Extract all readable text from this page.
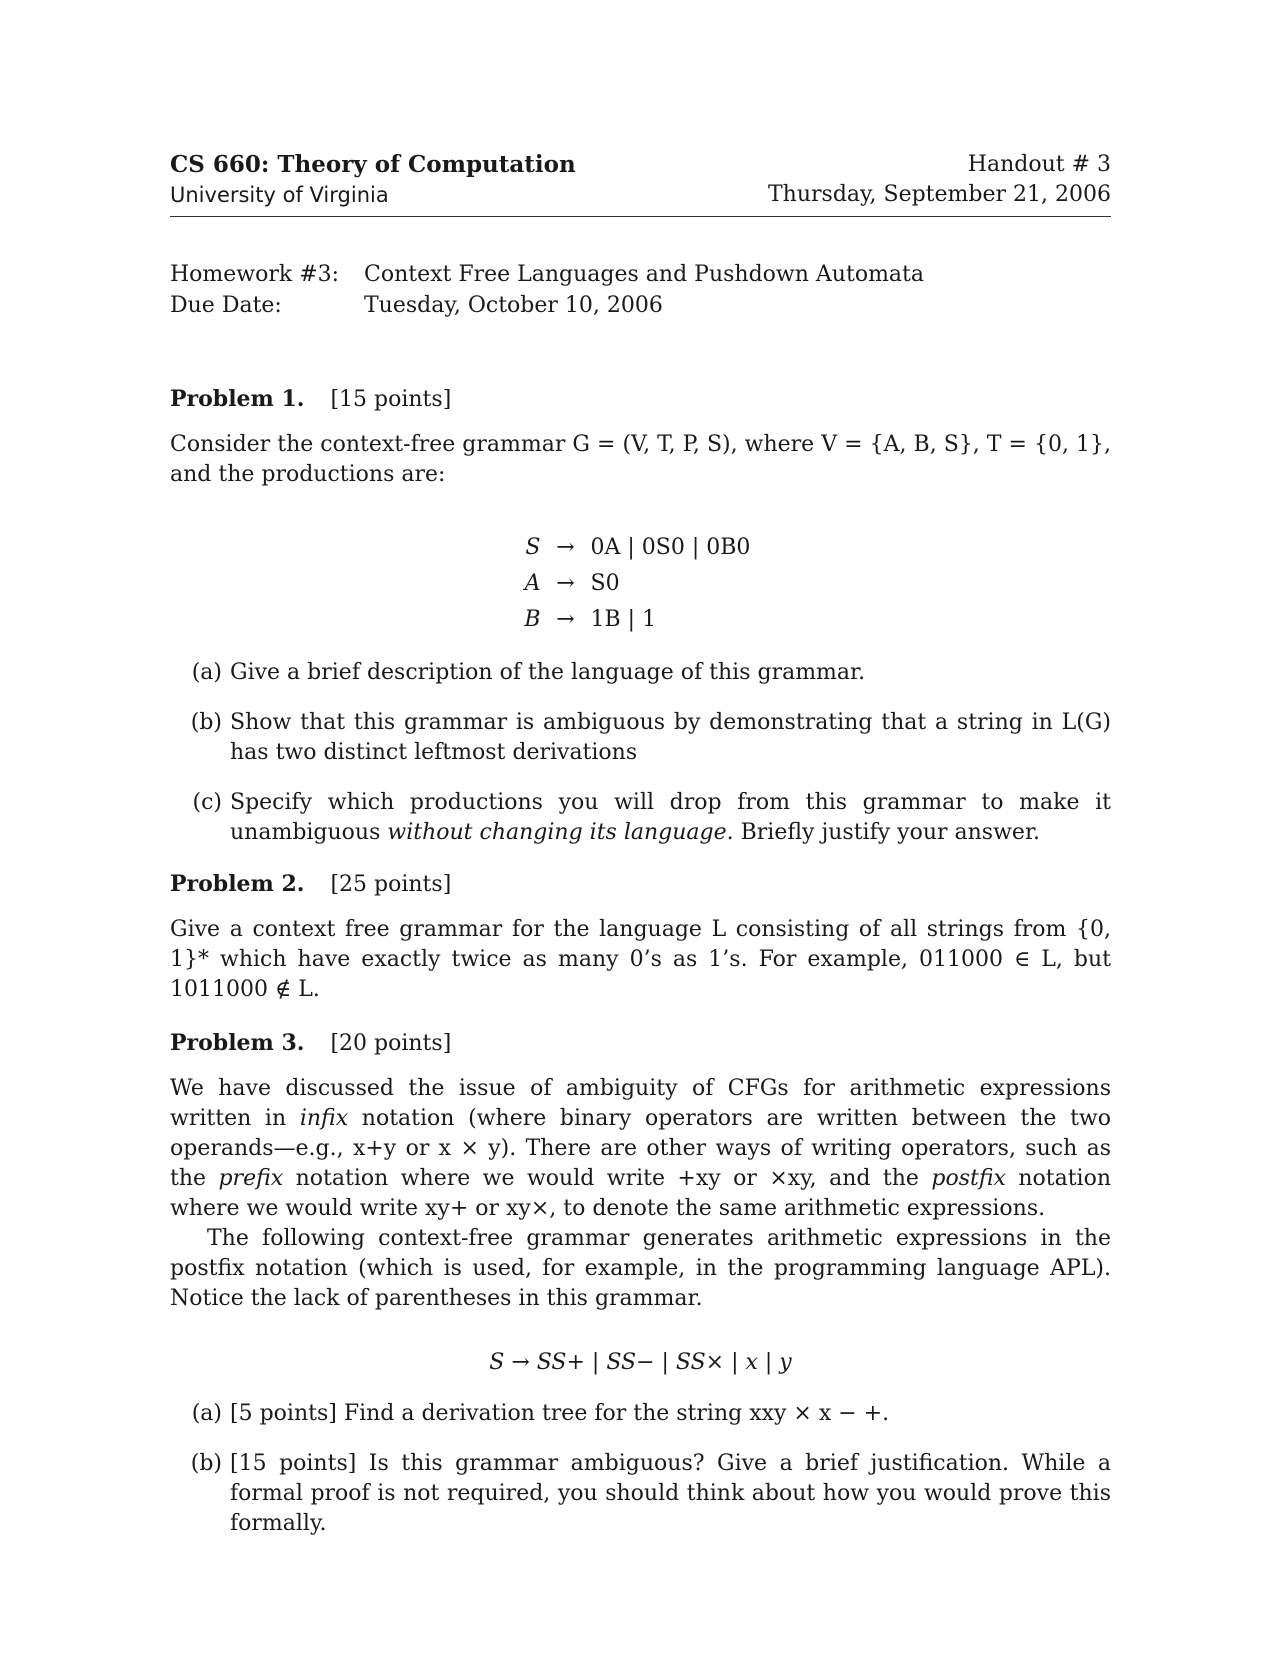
CS 660: Theory of Computation
University of Virginia
Handout # 3
Thursday, September 21, 2006
Homework #3:	Context Free Languages and Pushdown Automata
Due Date:	Tuesday, October 10, 2006
Problem 1. [15 points]
Consider the context-free grammar G = (V, T, P, S), where V = {A, B, S}, T = {0, 1}, and the productions are:
S → 0A | 0S0 | 0B0
A → S0
B → 1B | 1
(a) Give a brief description of the language of this grammar.
(b) Show that this grammar is ambiguous by demonstrating that a string in L(G) has two distinct leftmost derivations
(c) Specify which productions you will drop from this grammar to make it unambiguous without changing its language. Briefly justify your answer.
Problem 2. [25 points]
Give a context free grammar for the language L consisting of all strings from {0, 1}* which have exactly twice as many 0’s as 1’s. For example, 011000 ∈ L, but 1011000 ∉ L.
Problem 3. [20 points]
We have discussed the issue of ambiguity of CFGs for arithmetic expressions written in infix notation (where binary operators are written between the two operands—e.g., x+y or x × y). There are other ways of writing operators, such as the prefix notation where we would write +xy or ×xy, and the postfix notation where we would write xy+ or xy×, to denote the same arithmetic expressions.
The following context-free grammar generates arithmetic expressions in the postfix notation (which is used, for example, in the programming language APL). Notice the lack of parentheses in this grammar.
S → SS+ | SS− | SS× | x | y
(a) [5 points] Find a derivation tree for the string xxy × x − +.
(b) [15 points] Is this grammar ambiguous? Give a brief justification. While a formal proof is not required, you should think about how you would prove this formally.
